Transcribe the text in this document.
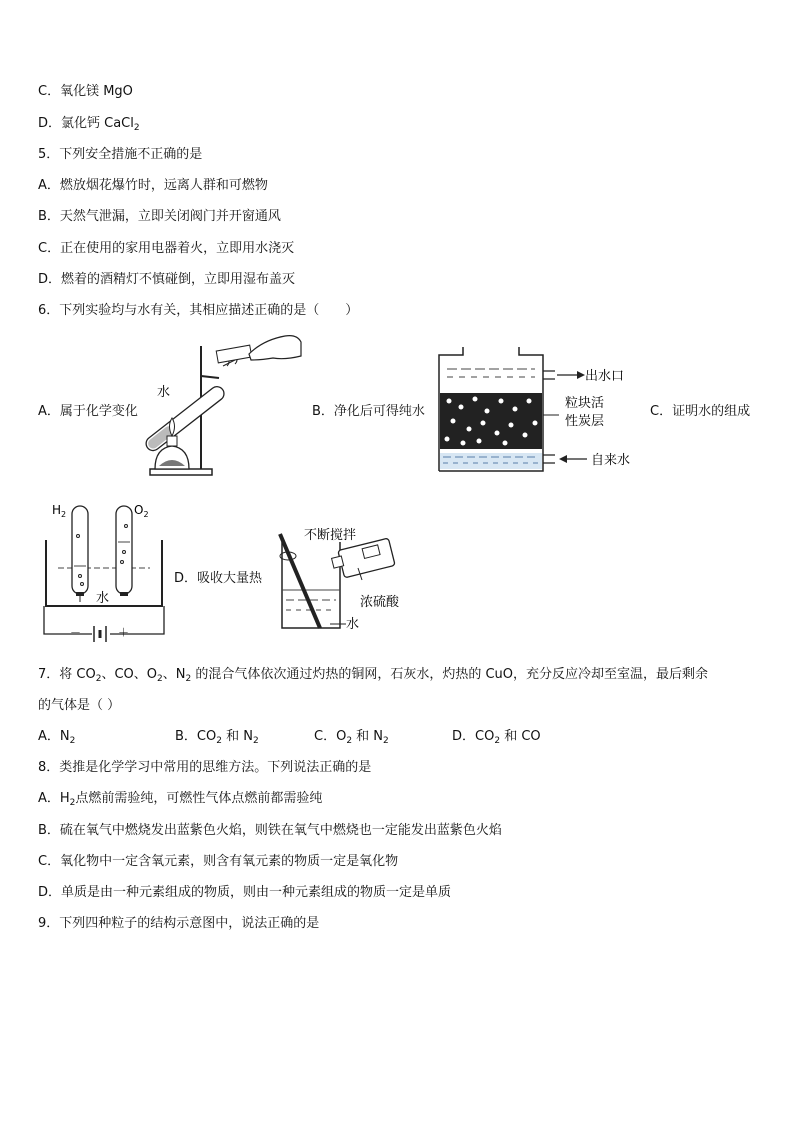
C．氧化镁 MgO
D．氯化钙 CaCl$_2$
5．下列安全措施不正确的是
A．燃放烟花爆竹时，远离人群和可燃物
B．天然气泄漏，立即关闭阀门并开窗通风
C．正在使用的家用电器着火，立即用水浇灭
D．燃着的酒精灯不慎碰倒，立即用湿布盖灭
6．下列实验均与水有关，其相应描述正确的是（　　）
A．属于化学变化	B．净化后可得纯水	C．证明水的组成
D．吸收大量热
水
出水口
粒块活
性炭层
自来水
$H_2$	$O_2$
水
－	＋
不断搅拌
浓硫酸
水
7．将 $CO_2$、CO、$O_2$、$N_2$ 的混合气体依次通过灼热的铜网，石灰水，灼热的 CuO，充分反应冷却至室温，最后剩余
的气体是（ ）
A．$N_2$	B．$CO_2$ 和 $N_2$	C．$O_2$ 和 $N_2$	D．$CO_2$ 和 CO
8．类推是化学学习中常用的思维方法。下列说法正确的是
A．$H_2$点燃前需验纯，可燃性气体点燃前都需验纯
B．硫在氧气中燃烧发出蓝紫色火焰，则铁在氧气中燃烧也一定能发出蓝紫色火焰
C．氧化物中一定含氧元素，则含有氧元素的物质一定是氧化物
D．单质是由一种元素组成的物质，则由一种元素组成的物质一定是单质
9．下列四种粒子的结构示意图中，说法正确的是
